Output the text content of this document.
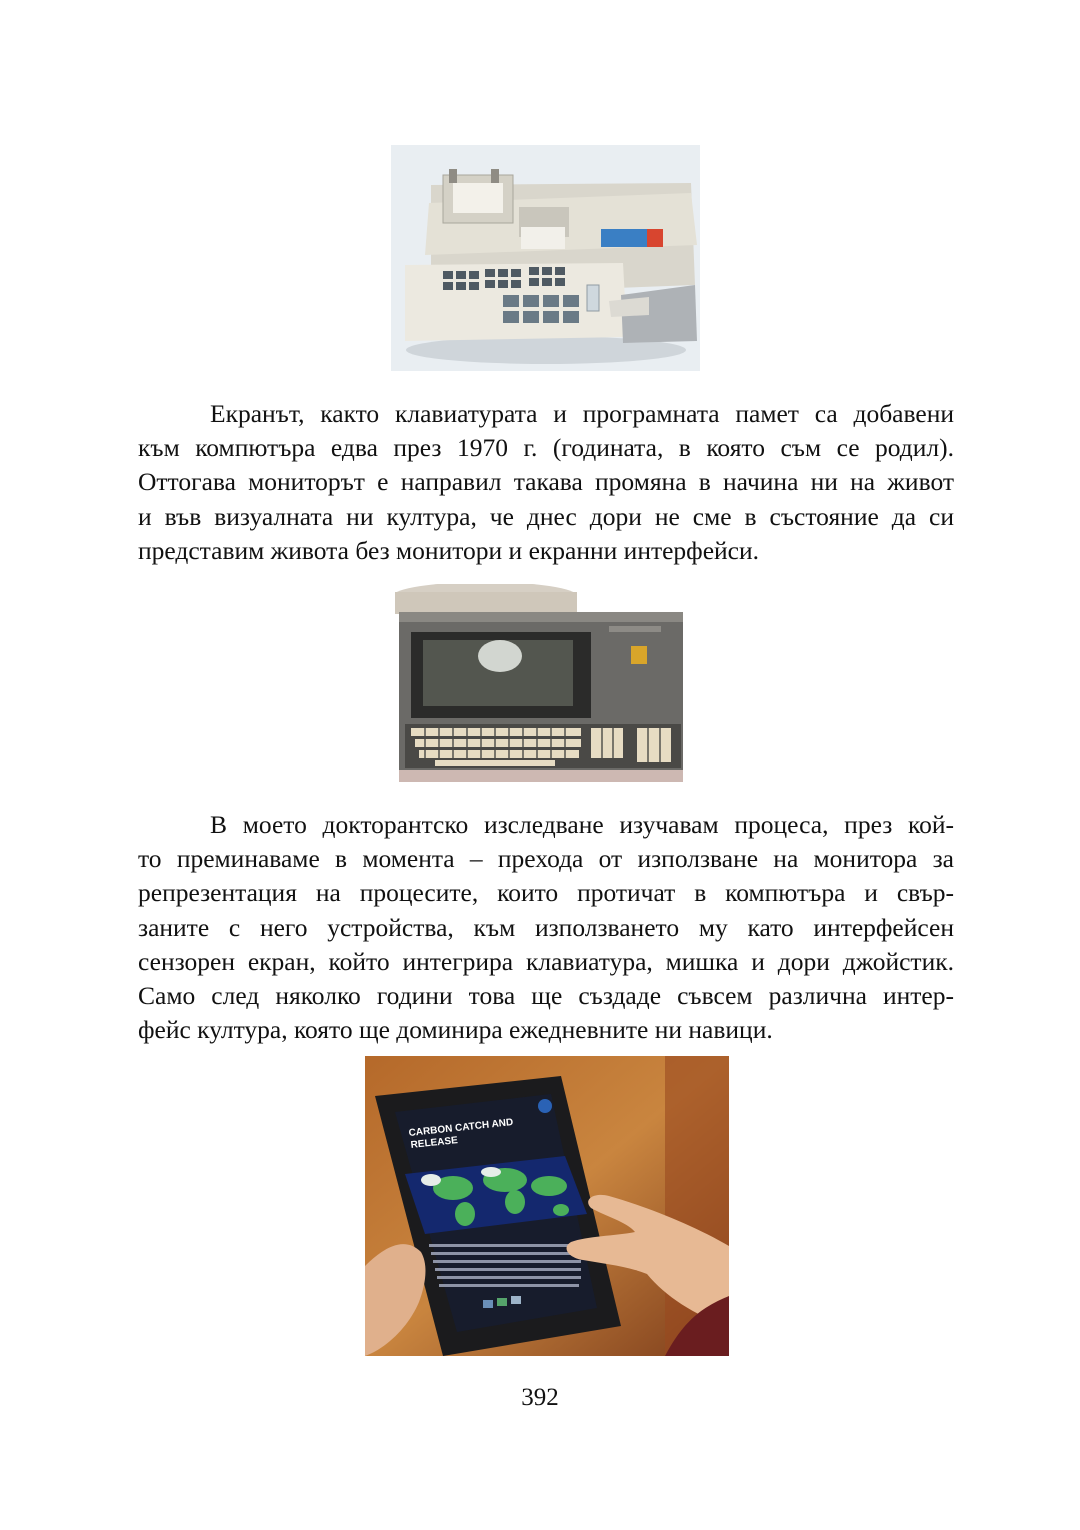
Екранът, както клавиатурата и програмната памет са добавени
към компютъра едва през 1970 г. (годината, в която съм се родил).
Оттогава мониторът е направил такава промяна в начина ни на живот
и във визуалната ни култура, че днес дори не сме в състояние да си
представим живота без монитори и екранни интерфейси.

В моето докторантско изследване изучавам процеса, през кой-
то преминаваме в момента – прехода от използване на монитора за
репрезентация на процесите, които протичат в компютъра и свър-
заните с него устройства, към използването му като интерфейсен
сензорен екран, който интегрира клавиатура, мишка и дори джойстик.
Само след няколко години това ще създаде съвсем различна интер-
фейс култура, която ще доминира ежедневните ни навици.

CARBON CATCH AND
RELEASE
392
